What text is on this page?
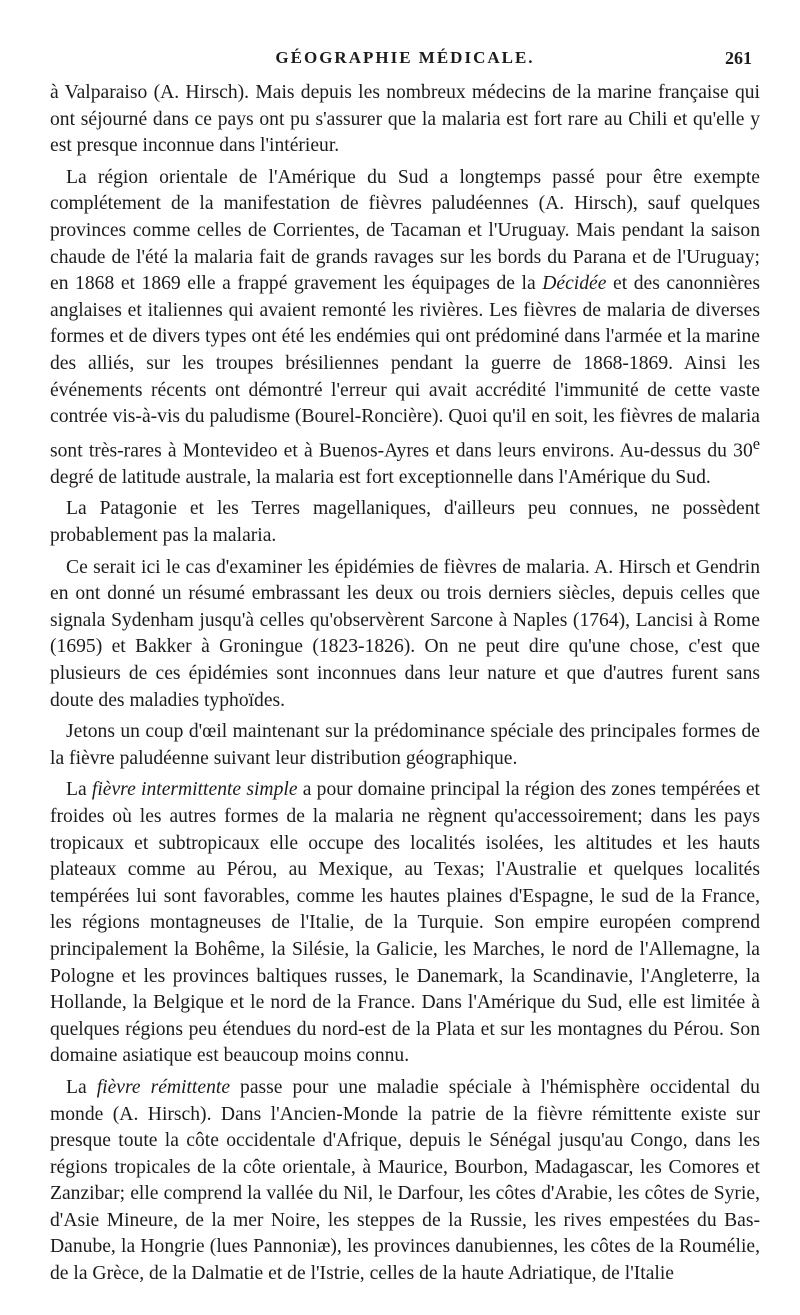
GÉOGRAPHIE MÉDICALE.	261

à Valparaiso (A. Hirsch). Mais depuis les nombreux médecins de la marine française qui ont séjourné dans ce pays ont pu s'assurer que la malaria est fort rare au Chili et qu'elle y est presque inconnue dans l'intérieur.

La région orientale de l'Amérique du Sud a longtemps passé pour être exempte complétement de la manifestation de fièvres paludéennes (A. Hirsch), sauf quelques provinces comme celles de Corrientes, de Tacaman et l'Uruguay. Mais pendant la saison chaude de l'été la malaria fait de grands ravages sur les bords du Parana et de l'Uruguay; en 1868 et 1869 elle a frappé gravement les équipages de la Décidée et des canonnières anglaises et italiennes qui avaient remonté les rivières. Les fièvres de malaria de diverses formes et de divers types ont été les endémies qui ont prédominé dans l'armée et la marine des alliés, sur les troupes brésiliennes pendant la guerre de 1868-1869. Ainsi les événements récents ont démontré l'erreur qui avait accrédité l'immunité de cette vaste contrée vis-à-vis du paludisme (Bourel-Roncière). Quoi qu'il en soit, les fièvres de malaria sont très-rares à Montevideo et à Buenos-Ayres et dans leurs environs. Au-dessus du 30e degré de latitude australe, la malaria est fort exceptionnelle dans l'Amérique du Sud.

La Patagonie et les Terres magellaniques, d'ailleurs peu connues, ne possèdent probablement pas la malaria.

Ce serait ici le cas d'examiner les épidémies de fièvres de malaria. A. Hirsch et Gendrin en ont donné un résumé embrassant les deux ou trois derniers siècles, depuis celles que signala Sydenham jusqu'à celles qu'observèrent Sarcone à Naples (1764), Lancisi à Rome (1695) et Bakker à Groningue (1823-1826). On ne peut dire qu'une chose, c'est que plusieurs de ces épidémies sont inconnues dans leur nature et que d'autres furent sans doute des maladies typhoïdes.

Jetons un coup d'œil maintenant sur la prédominance spéciale des principales formes de la fièvre paludéenne suivant leur distribution géographique.

La fièvre intermittente simple a pour domaine principal la région des zones tempérées et froides où les autres formes de la malaria ne règnent qu'accessoirement; dans les pays tropicaux et subtropicaux elle occupe des localités isolées, les altitudes et les hauts plateaux comme au Pérou, au Mexique, au Texas; l'Australie et quelques localités tempérées lui sont favorables, comme les hautes plaines d'Espagne, le sud de la France, les régions montagneuses de l'Italie, de la Turquie. Son empire européen comprend principalement la Bohême, la Silésie, la Galicie, les Marches, le nord de l'Allemagne, la Pologne et les provinces baltiques russes, le Danemark, la Scandinavie, l'Angleterre, la Hollande, la Belgique et le nord de la France. Dans l'Amérique du Sud, elle est limitée à quelques régions peu étendues du nord-est de la Plata et sur les montagnes du Pérou. Son domaine asiatique est beaucoup moins connu.

La fièvre rémittente passe pour une maladie spéciale à l'hémisphère occidental du monde (A. Hirsch). Dans l'Ancien-Monde la patrie de la fièvre rémittente existe sur presque toute la côte occidentale d'Afrique, depuis le Sénégal jusqu'au Congo, dans les régions tropicales de la côte orientale, à Maurice, Bourbon, Madagascar, les Comores et Zanzibar; elle comprend la vallée du Nil, le Darfour, les côtes d'Arabie, les côtes de Syrie, d'Asie Mineure, de la mer Noire, les steppes de la Russie, les rives empestées du Bas-Danube, la Hongrie (lues Pannoniæ), les provinces danubiennes, les côtes de la Roumélie, de la Grèce, de la Dalmatie et de l'Istrie, celles de la haute Adriatique, de l'Italie
